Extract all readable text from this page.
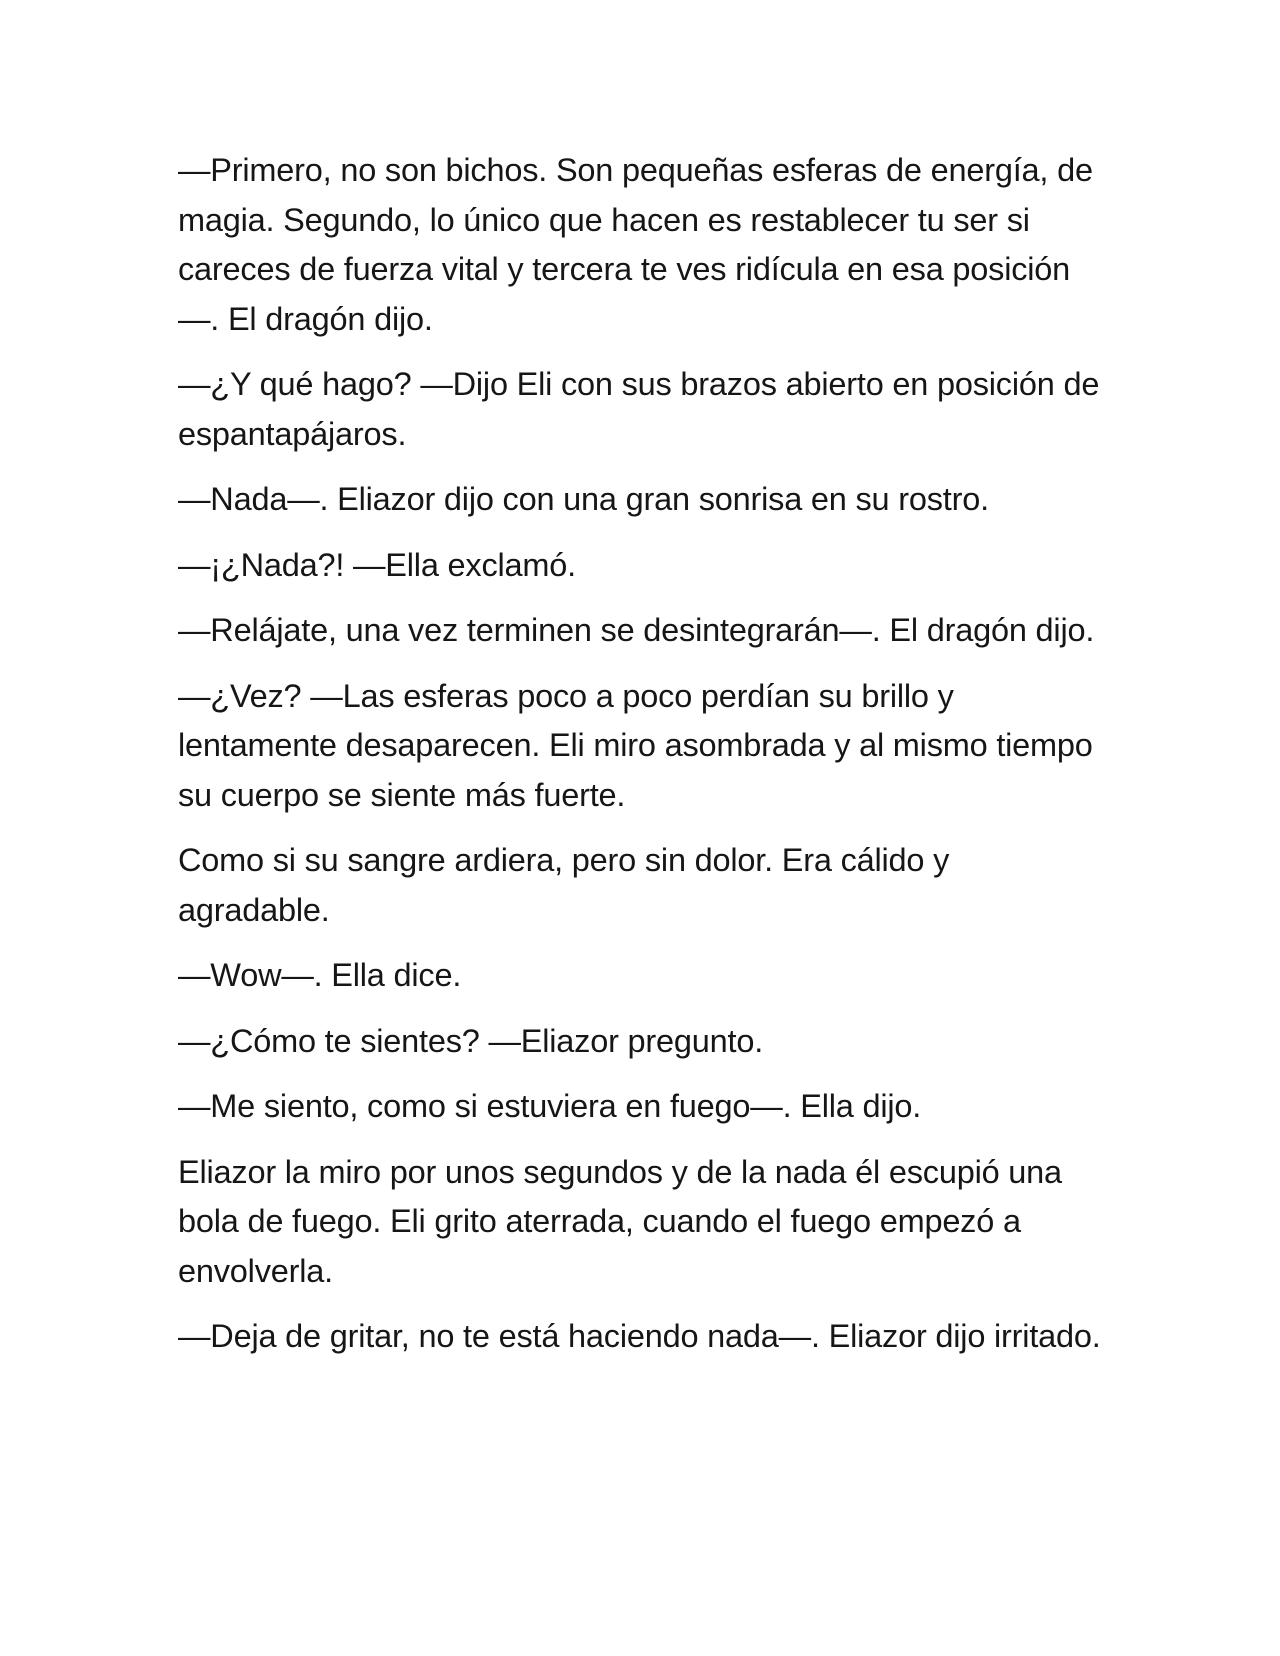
—Primero, no son bichos. Son pequeñas esferas de energía, de magia. Segundo, lo único que hacen es restablecer tu ser si careces de fuerza vital y tercera te ves ridícula en esa posición—. El dragón dijo.

—¿Y qué hago? —Dijo Eli con sus brazos abierto en posición de espantapájaros.

—Nada—. Eliazor dijo con una gran sonrisa en su rostro.

—¡¿Nada?! —Ella exclamó.

—Relájate, una vez terminen se desintegrarán—. El dragón dijo.

—¿Vez? —Las esferas poco a poco perdían su brillo y lentamente desaparecen. Eli miro asombrada y al mismo tiempo su cuerpo se siente más fuerte.

Como si su sangre ardiera, pero sin dolor. Era cálido y agradable.

—Wow—. Ella dice.

—¿Cómo te sientes? —Eliazor pregunto.

—Me siento, como si estuviera en fuego—. Ella dijo.

Eliazor la miro por unos segundos y de la nada él escupió una bola de fuego. Eli grito aterrada, cuando el fuego empezó a envolverla.

—Deja de gritar, no te está haciendo nada—. Eliazor dijo irritado.
